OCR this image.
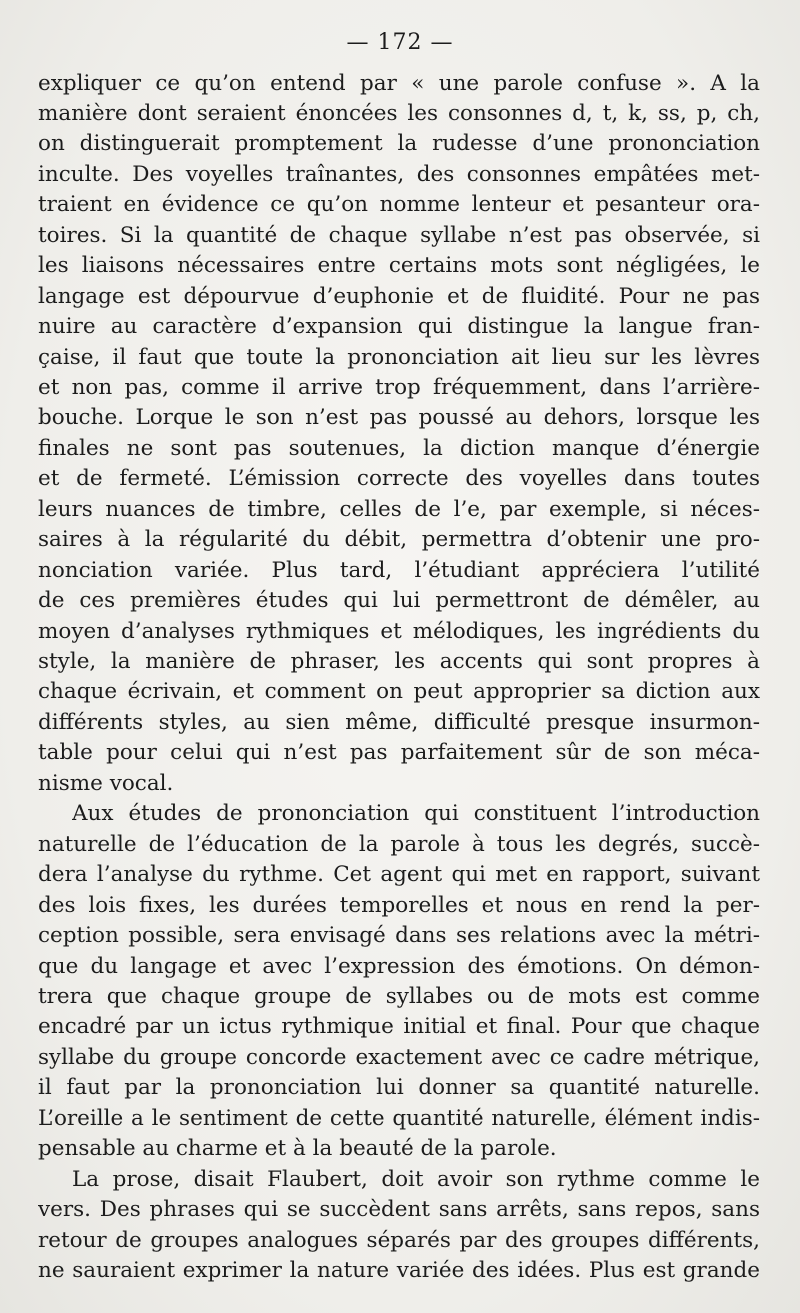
— 172 —
expliquer ce qu’on entend par « une parole confuse ». A la
manière dont seraient énoncées les consonnes d, t, k, ss, p, ch,
on distinguerait promptement la rudesse d’une prononciation
inculte. Des voyelles traînantes, des consonnes empâtées met-
traient en évidence ce qu’on nomme lenteur et pesanteur ora-
toires. Si la quantité de chaque syllabe n’est pas observée, si
les liaisons nécessaires entre certains mots sont négligées, le
langage est dépourvue d’euphonie et de fluidité. Pour ne pas
nuire au caractère d’expansion qui distingue la langue fran-
çaise, il faut que toute la prononciation ait lieu sur les lèvres
et non pas, comme il arrive trop fréquemment, dans l’arrière-
bouche. Lorque le son n’est pas poussé au dehors, lorsque les
finales ne sont pas soutenues, la diction manque d’énergie
et de fermeté. L’émission correcte des voyelles dans toutes
leurs nuances de timbre, celles de l’e, par exemple, si néces-
saires à la régularité du débit, permettra d’obtenir une pro-
nonciation variée. Plus tard, l’étudiant appréciera l’utilité
de ces premières études qui lui permettront de démêler, au
moyen d’analyses rythmiques et mélodiques, les ingrédients du
style, la manière de phraser, les accents qui sont propres à
chaque écrivain, et comment on peut approprier sa diction aux
différents styles, au sien même, difficulté presque insurmon-
table pour celui qui n’est pas parfaitement sûr de son méca-
nisme vocal.
Aux études de prononciation qui constituent l’introduction
naturelle de l’éducation de la parole à tous les degrés, succè-
dera l’analyse du rythme. Cet agent qui met en rapport, suivant
des lois fixes, les durées temporelles et nous en rend la per-
ception possible, sera envisagé dans ses relations avec la métri-
que du langage et avec l’expression des émotions. On démon-
trera que chaque groupe de syllabes ou de mots est comme
encadré par un ictus rythmique initial et final. Pour que chaque
syllabe du groupe concorde exactement avec ce cadre métrique,
il faut par la prononciation lui donner sa quantité naturelle.
L’oreille a le sentiment de cette quantité naturelle, élément indis-
pensable au charme et à la beauté de la parole.
La prose, disait Flaubert, doit avoir son rythme comme le
vers. Des phrases qui se succèdent sans arrêts, sans repos, sans
retour de groupes analogues séparés par des groupes différents,
ne sauraient exprimer la nature variée des idées. Plus est grande
